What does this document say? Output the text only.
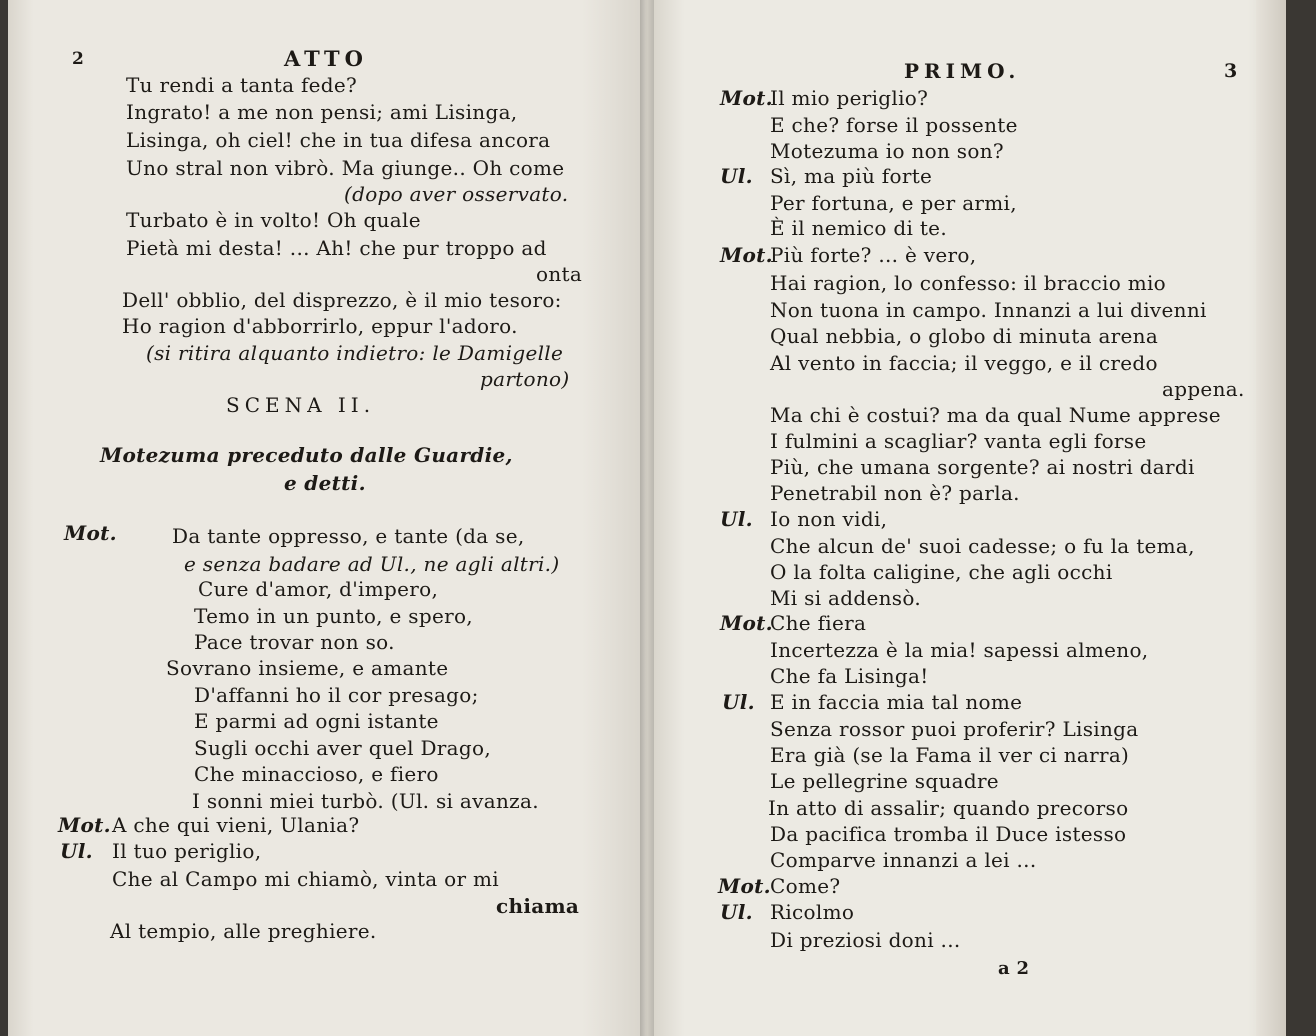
2	ATTO
Tu rendi a tanta fede?
Ingrato! a me non pensi; ami Lisinga,
Lisinga, oh ciel! che in tua difesa ancora
Uno stral non vibrò. Ma giunge.. Oh come
(dopo aver osservato.
Turbato è in volto! Oh quale
Pietà mi desta! ... Ah! che pur troppo ad
onta
Dell' obblio, del disprezzo, è il mio tesoro:
Ho ragion d'abborrirlo, eppur l'adoro.
(si ritira alquanto indietro: le Damigelle
partono)
SCENA II.
Motezuma preceduto dalle Guardie,
e detti.
Mot.	Da tante oppresso, e tante (da se,
e senza badare ad Ul., ne agli altri.)
Cure d'amor, d'impero,
Temo in un punto, e spero,
Pace trovar non so.
Sovrano insieme, e amante
D'affanni ho il cor presago;
E parmi ad ogni istante
Sugli occhi aver quel Drago,
Che minaccioso, e fiero
I sonni miei turbò. (Ul. si avanza.
Mot. A che qui vieni, Ulania?
Ul. Il tuo periglio,
Che al Campo mi chiamò, vinta or mi
chiama
Al tempio, alle preghiere.
PRIMO.	3
Mot.
Il mio periglio?
E che? forse il possente
Motezuma io non son?
Ul. Sì, ma più forte
Per fortuna, e per armi,
È il nemico di te.
Mot.
Più forte? ... è vero,
Hai ragion, lo confesso: il braccio mio
Non tuona in campo. Innanzi a lui divenni
Qual nebbia, o globo di minuta arena
Al vento in faccia; il veggo, e il credo
appena.
Ma chi è costui? ma da qual Nume apprese
I fulmini a scagliar? vanta egli forse
Più, che umana sorgente? ai nostri dardi
Penetrabil non è? parla.
Ul. Io non vidi,
Che alcun de' suoi cadesse; o fu la tema,
O la folta caligine, che agli occhi
Mi si addensò.
Mot.
Che fiera
Incertezza è la mia! sapessi almeno,
Che fa Lisinga!
Ul. E in faccia mia tal nome
Senza rossor puoi proferir? Lisinga
Era già (se la Fama il ver ci narra)
Le pellegrine squadre
In atto di assalir; quando precorso
Da pacifica tromba il Duce istesso
Comparve innanzi a lei ...
Mot. Come?
Ul. Ricolmo
Di preziosi doni ...
a 2
